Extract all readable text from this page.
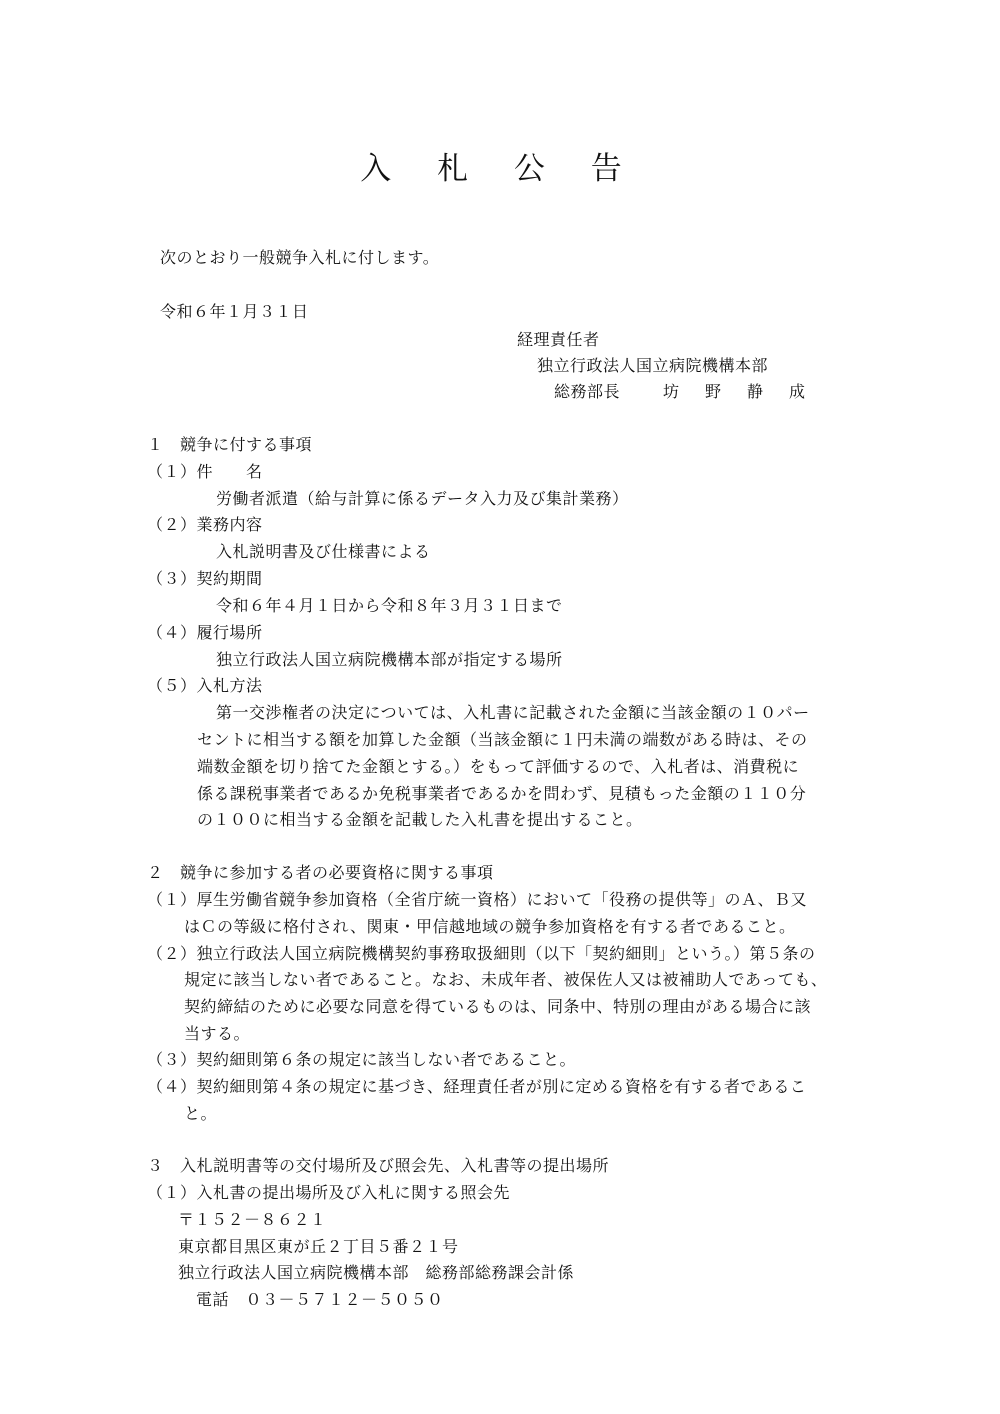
入 札 公 告
次のとおり一般競争入札に付します。
令和６年１月３１日
経理責任者
独立行政法人国立病院機構本部
総務部長	坊　野　静　成
１　競争に付する事項
（１）件　　名
労働者派遣（給与計算に係るデータ入力及び集計業務）
（２）業務内容
入札説明書及び仕様書による
（３）契約期間
令和６年４月１日から令和８年３月３１日まで
（４）履行場所
独立行政法人国立病院機構本部が指定する場所
（５）入札方法
第一交渉権者の決定については、入札書に記載された金額に当該金額の１０パー
セントに相当する額を加算した金額（当該金額に１円未満の端数がある時は、その
端数金額を切り捨てた金額とする。）をもって評価するので、入札者は、消費税に
係る課税事業者であるか免税事業者であるかを問わず、見積もった金額の１１０分
の１００に相当する金額を記載した入札書を提出すること。
２　競争に参加する者の必要資格に関する事項
（１）厚生労働省競争参加資格（全省庁統一資格）において「役務の提供等」のＡ、Ｂ又
はＣの等級に格付され、関東・甲信越地域の競争参加資格を有する者であること。
（２）独立行政法人国立病院機構契約事務取扱細則（以下「契約細則」という。）第５条の
規定に該当しない者であること。なお、未成年者、被保佐人又は被補助人であっても、
契約締結のために必要な同意を得ているものは、同条中、特別の理由がある場合に該
当する。
（３）契約細則第６条の規定に該当しない者であること。
（４）契約細則第４条の規定に基づき、経理責任者が別に定める資格を有する者であるこ
と。
３　入札説明書等の交付場所及び照会先、入札書等の提出場所
（１）入札書の提出場所及び入札に関する照会先
〒１５２－８６２１
東京都目黒区東が丘２丁目５番２１号
独立行政法人国立病院機構本部　総務部総務課会計係
電話　０３－５７１２－５０５０
